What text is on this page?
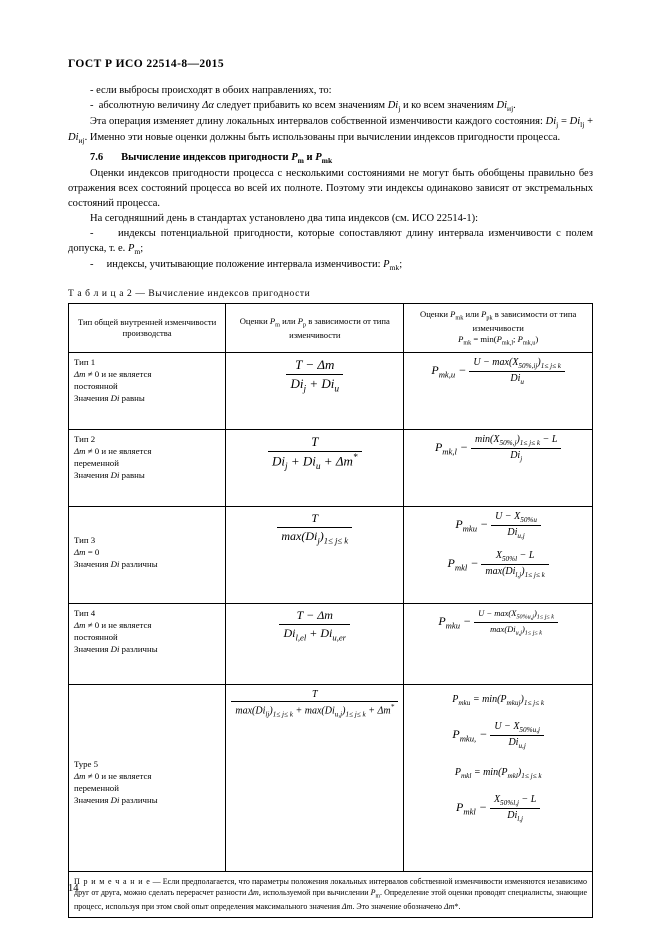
ГОСТ Р ИСО 22514-8—2015

- если выбросы происходят в обоих направлениях, то:

-  абсолютную величину Δα следует прибавить ко всем значениям $Di_j$ и ко всем значениям $Di_{иj}$.

Эта операция изменяет длину локальных интервалов собственной изменчивости каждого состояния: $Di_j = Di_{lj} + Di_{иj}$. Именно эти новые оценки должны быть использованы при вычислении индексов пригодности процесса.

7.6 Вычисление индексов пригодности $P_m$ и $P_{mk}$

Оценки индексов пригодности процесса с несколькими состояниями не могут быть обобщены правильно без отражения всех состояний процесса во всей их полноте. Поэтому эти индексы одинаково зависят от экстремальных состояний процесса.

На сегодняшний день в стандартах установлено два типа индексов (см. ИСО 22514-1):

-     индексы потенциальной пригодности, которые сопоставляют длину интервала изменчивости с полем допуска, т. е. $P_m$;

-     индексы, учитывающие положение интервала изменчивости: $P_{mk}$;

Т а б л и ц а 2 — Вычисление индексов пригодности
Тип общей внутренней изменчивости производства	Оценки $P_m$ или $P_p$ в зависимости от типа изменчивости	Оценки $P_{mk}$ или $P_{pk}$ в зависимости от типа изменчивости
$P_{mk} = \min(P_{mk,l}$; $P_{mk,u}$)
Тип 1
Δm ≠ 0 и не является
постоянной
Значения Di равны	$\frac{T - \Delta m}{Di_j + Di_u}$	$P_{mk,u} - \frac{U - \max(X_{50\%,ij})_{1\le j\le k}}{Di_u}$

Тип 2
Δm ≠ 0 и не является
переменной
Значения Di равны	$\frac{T}{Di_j + Di_u + \Delta m^*}$	$P_{mk,l} - \frac{\min(X_{50\%,j})_{1\le j\le k} - L}{Di_j}$

Тип 3
Δm = 0
Значения Di различны	
$\frac{T}{\max(Di_j)_{1\le j\le k}}$	$P_{mku} - \frac{U - X_{50\%u}}{Di_{u,j}}$
$P_{mkl} - \frac{X_{50\%l} - L}{\max(Di_{l,j})_{1\le j\le k}}$

Тип 4
Δm ≠ 0 и не является
постоянной
Значения Di различны	$\frac{T - \Delta m}{Di_{l,el} + Di_{u,er}}$	$P_{mku} - \frac{U - \max(X_{50\%u,j})_{1\le j\le k}}{\max(Di_{u,j})_{1\le j\le k}}$

Type 5
Δm ≠ 0 и не является
переменной
Значения Di различны	
$\frac{T}{\max(Di_{lj})_{1\le j\le k} + \max(Di_{u,j})_{1\le j\le k} + \Delta m^*}$	$P_{mku} = \min(P_{mkuj})_{1\le j\le k}$
$P_{mku,} - \frac{U - X_{50\%u,j}}{Di_{u,j}}$
$P_{mkl} = \min(P_{mkl})_{1\le j\le k}$
$P_{mkl} - \frac{X_{50\%l,j} - L}{Di_{l,j}}$

П р и м е ч а н и е — Если предполагается, что параметры положения локальных интервалов собственной изменчивости изменяются независимо друг от друга, можно сделать перерасчет разности Δm, используемой при вычислении $P_m$. Определение этой оценки проводят специалисты, знающие процесс, используя при этом свой опыт определения максимального значения Δm. Это значение обозначено Δm*.		
14
